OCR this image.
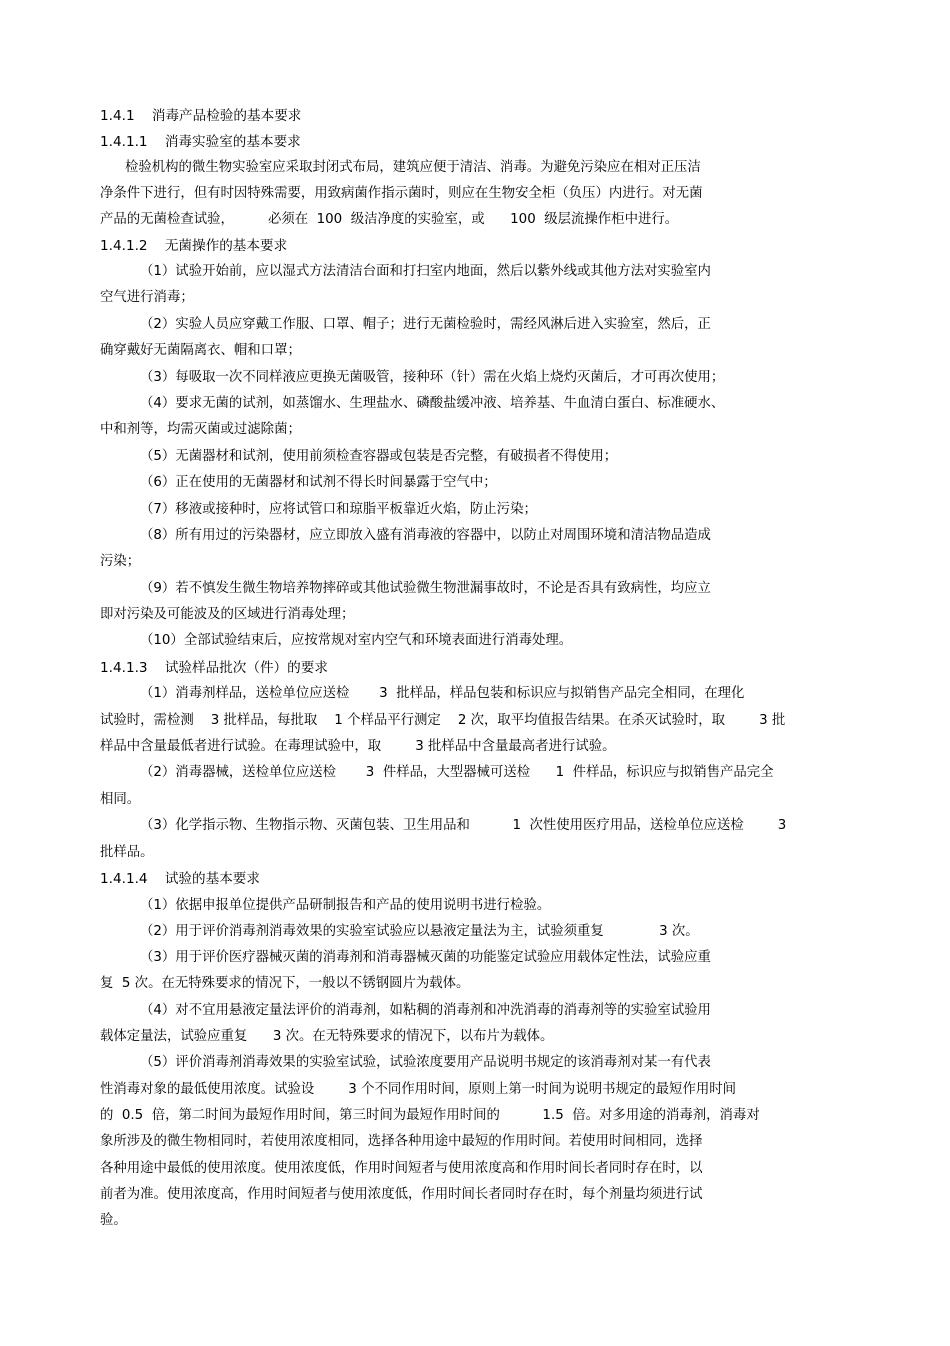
1.4.1    消毒产品检验的基本要求
1.4.1.1    消毒实验室的基本要求
检验机构的微生物实验室应采取封闭式布局，建筑应便于清洁、消毒。为避免污染应在相对正压洁
净条件下进行，但有时因特殊需要，用致病菌作指示菌时，则应在生物安全柜（负压）内进行。对无菌
产品的无菌检查试验，        必须在  100  级洁净度的实验室，或      100  级层流操作柜中进行。
1.4.1.2    无菌操作的基本要求
（1）试验开始前，应以湿式方法清洁台面和打扫室内地面，然后以紫外线或其他方法对实验室内
空气进行消毒；
（2）实验人员应穿戴工作服、口罩、帽子；进行无菌检验时，需经风淋后进入实验室，然后，正
确穿戴好无菌隔离衣、帽和口罩；
（3）每吸取一次不同样液应更换无菌吸管，接种环（针）需在火焰上烧灼灭菌后，才可再次使用；
（4）要求无菌的试剂，如蒸馏水、生理盐水、磷酸盐缓冲液、培养基、牛血清白蛋白、标准硬水、
中和剂等，均需灭菌或过滤除菌；
（5）无菌器材和试剂，使用前须检查容器或包装是否完整，有破损者不得使用；
（6）正在使用的无菌器材和试剂不得长时间暴露于空气中；
（7）移液或接种时，应将试管口和琼脂平板靠近火焰，防止污染；
（8）所有用过的污染器材，应立即放入盛有消毒液的容器中，以防止对周围环境和清洁物品造成
污染；
（9）若不慎发生微生物培养物摔碎或其他试验微生物泄漏事故时，不论是否具有致病性，均应立
即对污染及可能波及的区域进行消毒处理；
（10）全部试验结束后，应按常规对室内空气和环境表面进行消毒处理。
1.4.1.3    试验样品批次（件）的要求
（1）消毒剂样品，送检单位应送检       3  批样品，样品包装和标识应与拟销售产品完全相同，在理化
试验时，需检测    3 批样品，每批取    1 个样品平行测定    2 次，取平均值报告结果。在杀灭试验时，取        3 批
样品中含量最低者进行试验。在毒理试验中，取        3 批样品中含量最高者进行试验。
（2）消毒器械，送检单位应送检       3  件样品，大型器械可送检      1  件样品，标识应与拟销售产品完全
相同。
（3）化学指示物、生物指示物、灭菌包装、卫生用品和          1  次性使用医疗用品，送检单位应送检        3
批样品。
1.4.1.4    试验的基本要求
（1）依据申报单位提供产品研制报告和产品的使用说明书进行检验。
（2）用于评价消毒剂消毒效果的实验室试验应以悬液定量法为主，试验须重复             3 次。
（3）用于评价医疗器械灭菌的消毒剂和消毒器械灭菌的功能鉴定试验应用载体定性法，试验应重
复  5 次。在无特殊要求的情况下，一般以不锈钢圆片为载体。
（4）对不宜用悬液定量法评价的消毒剂，如粘稠的消毒剂和冲洗消毒的消毒剂等的实验室试验用
载体定量法，试验应重复      3 次。在无特殊要求的情况下，以布片为载体。
（5）评价消毒剂消毒效果的实验室试验，试验浓度要用产品说明书规定的该消毒剂对某一有代表
性消毒对象的最低使用浓度。试验设        3 个不同作用时间，原则上第一时间为说明书规定的最短作用时间
的  0.5  倍，第二时间为最短作用时间，第三时间为最短作用时间的          1.5  倍。对多用途的消毒剂，消毒对
象所涉及的微生物相同时，若使用浓度相同，选择各种用途中最短的作用时间。若使用时间相同，选择
各种用途中最低的使用浓度。使用浓度低，作用时间短者与使用浓度高和作用时间长者同时存在时，以
前者为准。使用浓度高，作用时间短者与使用浓度低，作用时间长者同时存在时，每个剂量均须进行试
验。
